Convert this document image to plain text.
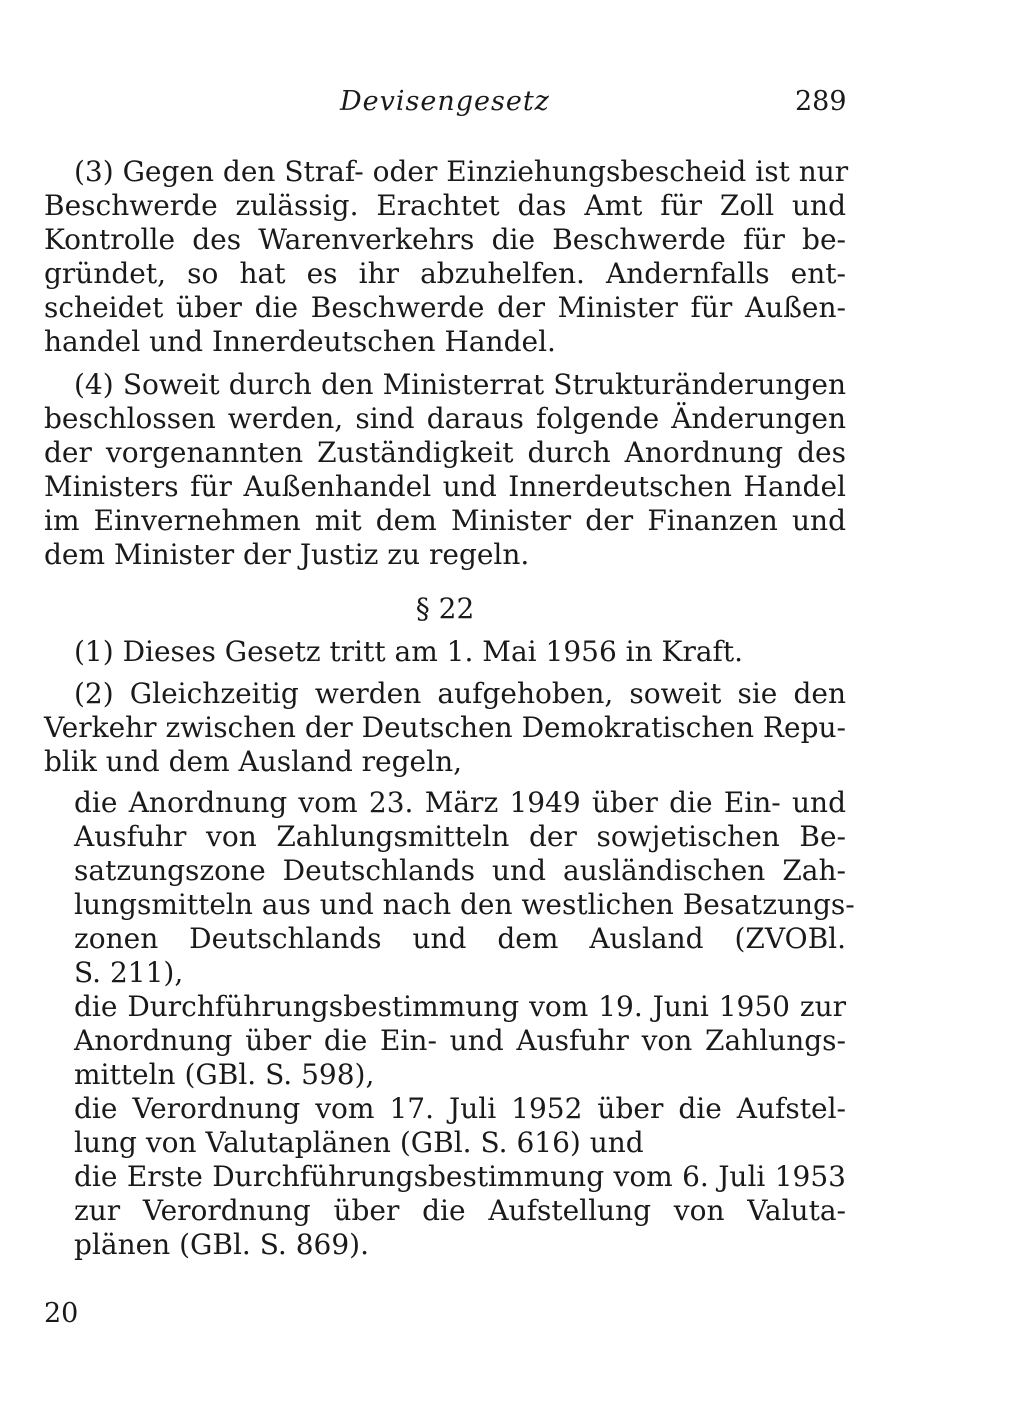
Devisengesetz	289
(3) Gegen den Straf- oder Einziehungsbescheid ist nur
Beschwerde zulässig. Erachtet das Amt für Zoll und
Kontrolle des Warenverkehrs die Beschwerde für be-
gründet, so hat es ihr abzuhelfen. Andernfalls ent-
scheidet über die Beschwerde der Minister für Außen-
handel und Innerdeutschen Handel.
(4) Soweit durch den Ministerrat Strukturänderungen
beschlossen werden, sind daraus folgende Änderungen
der vorgenannten Zuständigkeit durch Anordnung des
Ministers für Außenhandel und Innerdeutschen Handel
im Einvernehmen mit dem Minister der Finanzen und
dem Minister der Justiz zu regeln.
§ 22
(1) Dieses Gesetz tritt am 1. Mai 1956 in Kraft.
(2) Gleichzeitig werden aufgehoben, soweit sie den
Verkehr zwischen der Deutschen Demokratischen Repu-
blik und dem Ausland regeln,
die Anordnung vom 23. März 1949 über die Ein- und
Ausfuhr von Zahlungsmitteln der sowjetischen Be-
satzungszone Deutschlands und ausländischen Zah-
lungsmitteln aus und nach den westlichen Besatzungs-
zonen Deutschlands und dem Ausland (ZVOBl.
S. 211),
die Durchführungsbestimmung vom 19. Juni 1950 zur
Anordnung über die Ein- und Ausfuhr von Zahlungs-
mitteln (GBl. S. 598),
die Verordnung vom 17. Juli 1952 über die Aufstel-
lung von Valutaplänen (GBl. S. 616) und
die Erste Durchführungsbestimmung vom 6. Juli 1953
zur Verordnung über die Aufstellung von Valuta-
plänen (GBl. S. 869).
20
